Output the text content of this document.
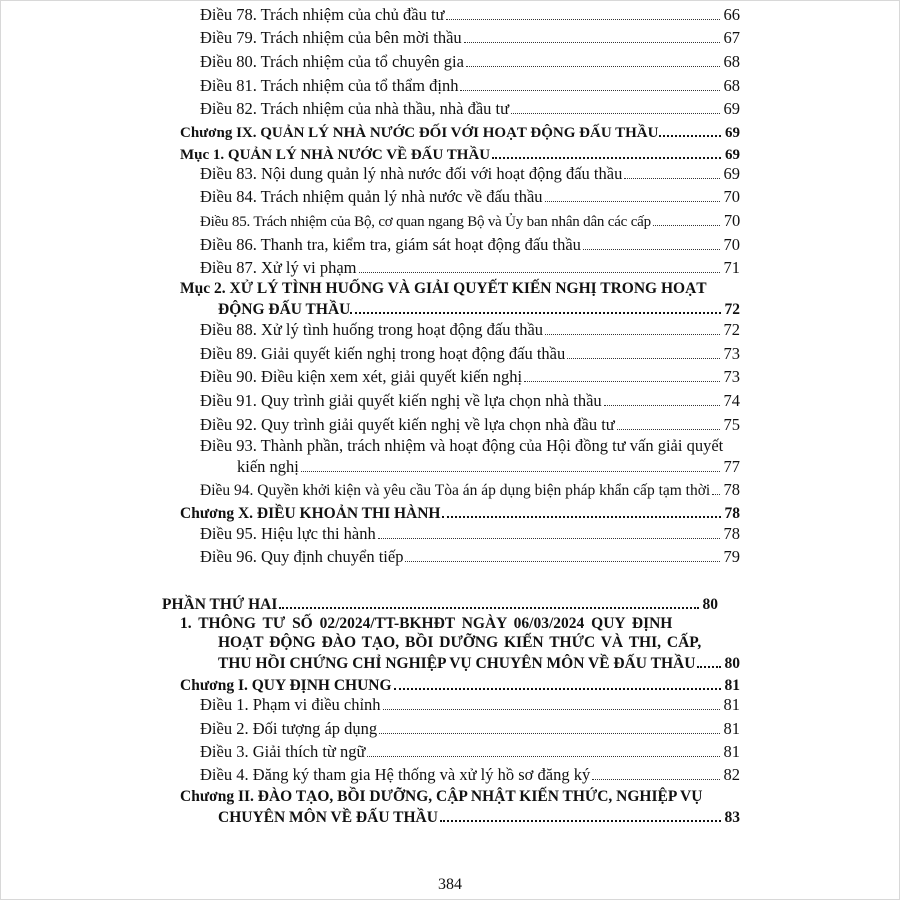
Điều 78. Trách nhiệm của chủ đầu tư	66
Điều 79. Trách nhiệm của bên mời thầu	67
Điều 80. Trách nhiệm của tổ chuyên gia	68
Điều 81. Trách nhiệm của tổ thẩm định	68
Điều 82. Trách nhiệm của nhà thầu, nhà đầu tư	69
Chương IX. QUẢN LÝ NHÀ NƯỚC ĐỐI VỚI HOẠT ĐỘNG ĐẤU THẦU	69
Mục 1. QUẢN LÝ NHÀ NƯỚC VỀ ĐẤU THẦU	69
Điều 83. Nội dung quản lý nhà nước đối với hoạt động đấu thầu	69
Điều 84. Trách nhiệm quản lý nhà nước về đấu thầu	70
Điều 85. Trách nhiệm của Bộ, cơ quan ngang Bộ và Ủy ban nhân dân các cấp	70
Điều 86. Thanh tra, kiểm tra, giám sát hoạt động đấu thầu	70
Điều 87. Xử lý vi phạm	71
Mục 2. XỬ LÝ TÌNH HUỐNG VÀ GIẢI QUYẾT KIẾN NGHỊ TRONG HOẠT
ĐỘNG ĐẤU THẦU	72
Điều 88. Xử lý tình huống trong hoạt động đấu thầu	72
Điều 89. Giải quyết kiến nghị trong hoạt động đấu thầu	73
Điều 90. Điều kiện xem xét, giải quyết kiến nghị	73
Điều 91. Quy trình giải quyết kiến nghị về lựa chọn nhà thầu	74
Điều 92. Quy trình giải quyết kiến nghị về lựa chọn nhà đầu tư	75
Điều 93. Thành phần, trách nhiệm và hoạt động của Hội đồng tư vấn giải quyết
kiến nghị	77
Điều 94. Quyền khởi kiện và yêu cầu Tòa án áp dụng biện pháp khẩn cấp tạm thời 78
Chương X. ĐIỀU KHOẢN THI HÀNH	78
Điều 95. Hiệu lực thi hành	78
Điều 96. Quy định chuyển tiếp	79
PHẦN THỨ HAI	80
1. THÔNG TƯ SỐ 02/2024/TT-BKHĐT NGÀY 06/03/2024 QUY ĐỊNH
HOẠT ĐỘNG ĐÀO TẠO, BỒI DƯỠNG KIẾN THỨC VÀ THI, CẤP,
THU HỒI CHỨNG CHỈ NGHIỆP VỤ CHUYÊN MÔN VỀ ĐẤU THẦU 80
Chương I. QUY ĐỊNH CHUNG	81
Điều 1. Phạm vi điều chỉnh	81
Điều 2. Đối tượng áp dụng	81
Điều 3. Giải thích từ ngữ	81
Điều 4. Đăng ký tham gia Hệ thống và xử lý hồ sơ đăng ký	82
Chương II. ĐÀO TẠO, BỒI DƯỠNG, CẬP NHẬT KIẾN THỨC, NGHIỆP VỤ
CHUYÊN MÔN VỀ ĐẤU THẦU	83
384
